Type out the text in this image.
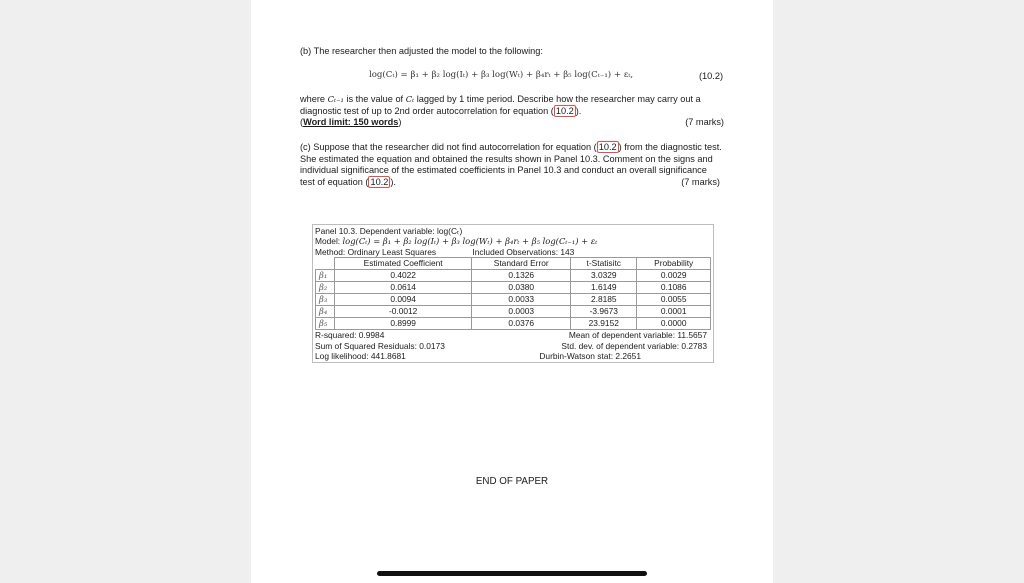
(b) The researcher then adjusted the model to the following:
log(Cₜ) = β₁ + β₂ log(Iₜ) + β₃ log(Wₜ) + β₄rₜ + β₅ log(Cₜ₋₁) + εₜ,	(10.2)
where Cₜ₋₁ is the value of Cₜ lagged by 1 time period. Describe how the researcher may carry out a diagnostic test of up to 2nd order autocorrelation for equation ( 10.2 ).
(Word limit: 150 words)	(7 marks)
(c) Suppose that the researcher did not find autocorrelation for equation ( 10.2 ) from the diagnostic test. She estimated the equation and obtained the results shown in Panel 10.3. Comment on the signs and individual significance of the estimated coefficients in Panel 10.3 and conduct an overall significance test of equation ( 10.2 ).	(7 marks)
Panel 10.3. Dependent variable: log(Cₜ)
Model: log(Cₜ) = β₁ + β₂ log(Iₜ) + β₃ log(Wₜ) + β₄rₜ + β₅ log(Cₜ₋₁) + εₜ
Method: Ordinary Least Squares	Included Observations: 143
	Estimated Coefficient	Standard Error	t-Statisitc	Probability
β₁	0.4022	0.1326	3.0329	0.0029
β₂	0.0614	0.0380	1.6149	0.1086
β₃	0.0094	0.0033	2.8185	0.0055
β₄	-0.0012	0.0003	-3.9673	0.0001
β₅	0.8999	0.0376	23.9152	0.0000
R-squared: 0.9984	Mean of dependent variable: 11.5657
Sum of Squared Residuals: 0.0173	Std. dev. of dependent variable: 0.2783
Log likelihood: 441.8681	Durbin-Watson stat: 2.2651
END OF PAPER
